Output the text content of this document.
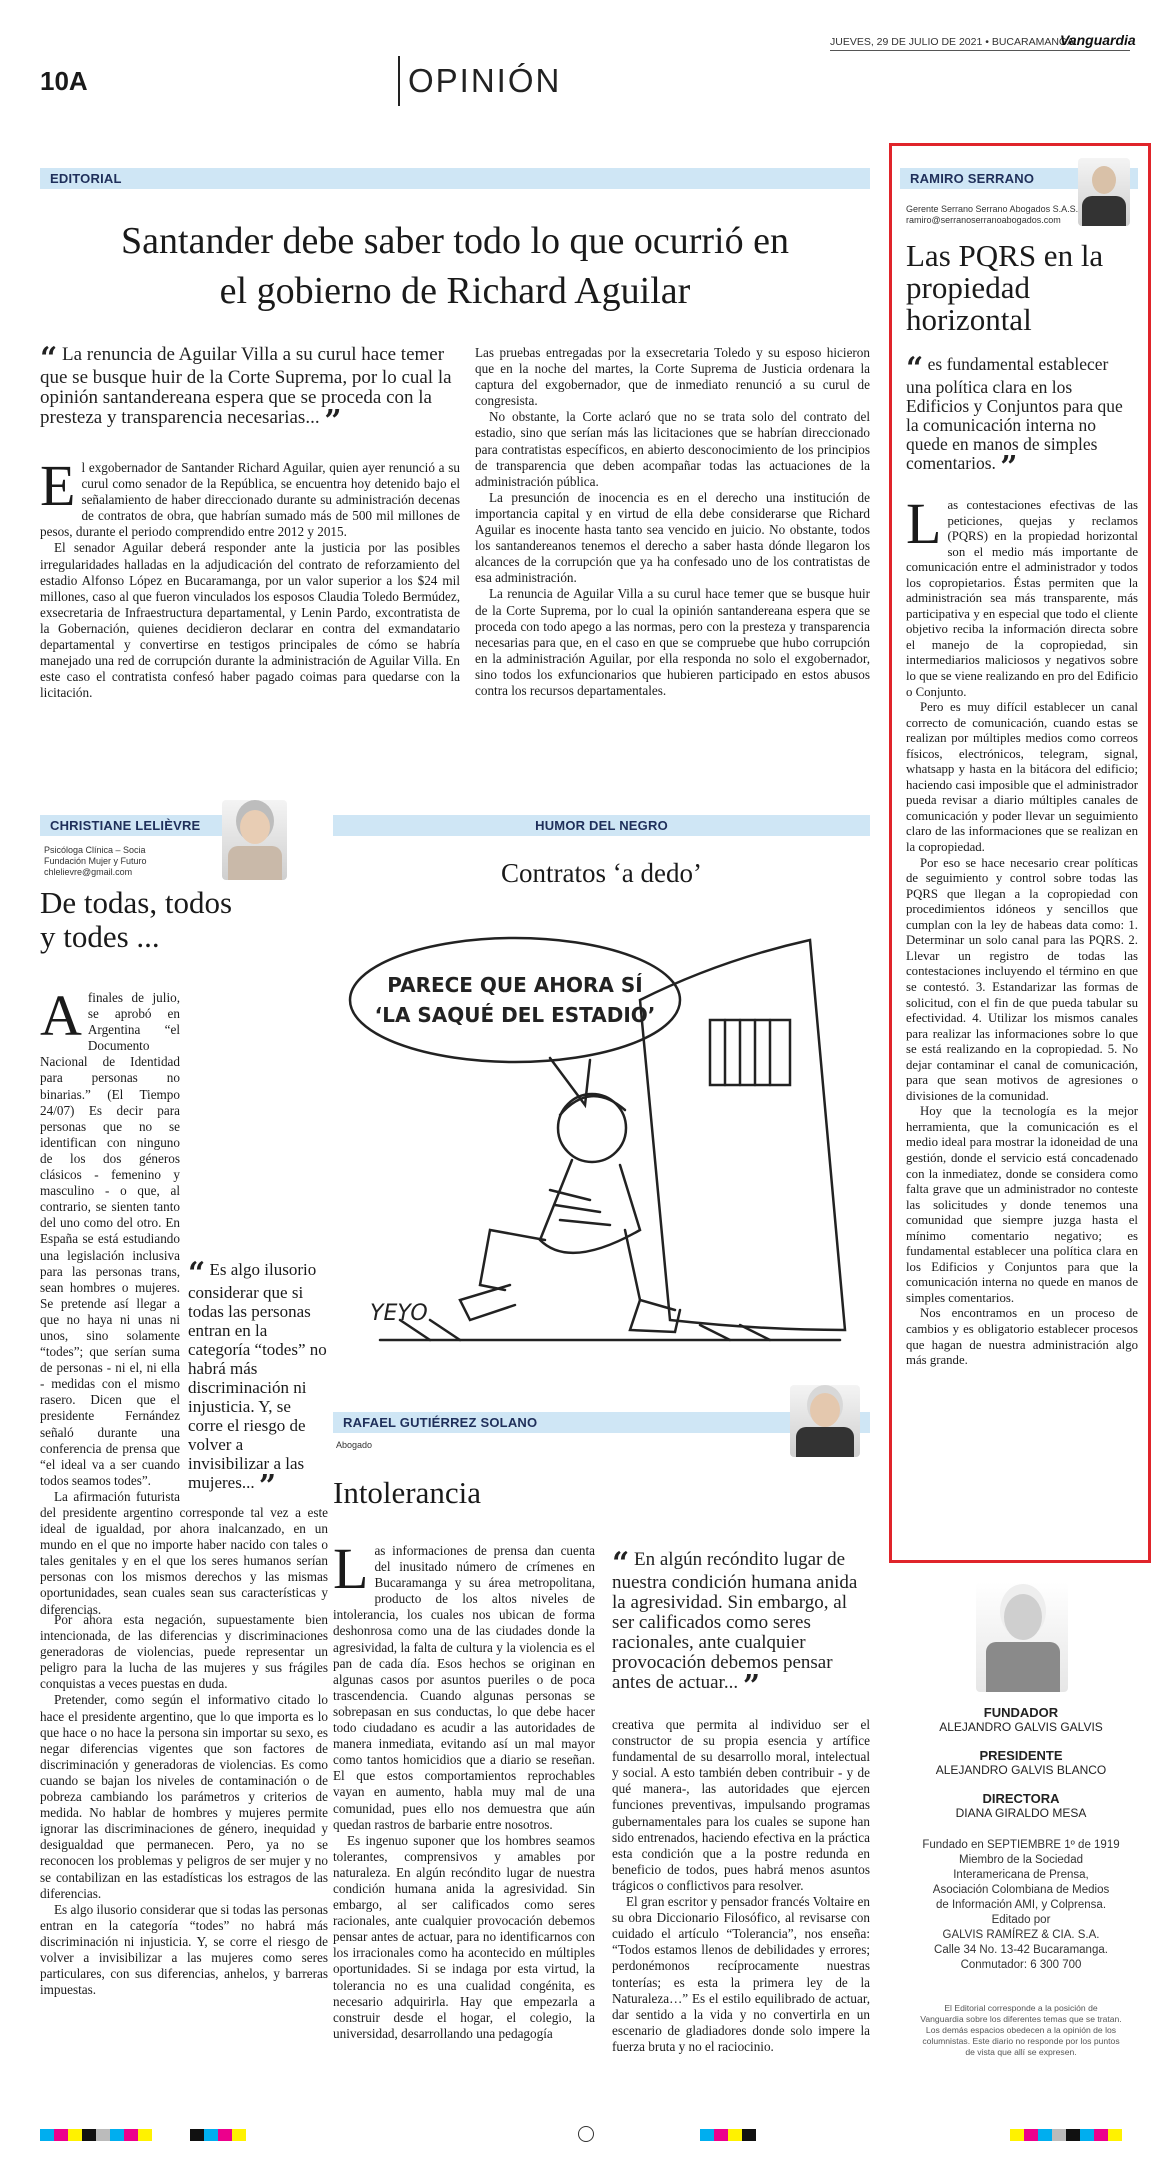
10A	OPINIÓN
JUEVES, 29 DE JULIO DE 2021 • BUCARAMANGA
Vanguardia
EDITORIAL
Santander debe saber todo lo que ocurrió en
el gobierno de Richard Aguilar
“ La renuncia de Aguilar Villa a su curul hace temer que se busque huir de la Corte Suprema, por lo cual la opinión santandereana espera que se proceda con la presteza y transparencia necesarias... ”
E l exgobernador de Santander Richard Aguilar, quien ayer renunció a su curul como senador de la República, se encuentra hoy detenido bajo el señalamiento de haber direccionado durante su administración decenas de contratos de obra, que habrían sumado más de 500 mil millones de pesos, durante el periodo comprendido entre 2012 y 2015.

El senador Aguilar deberá responder ante la justicia por las posibles irregularidades halladas en la adjudicación del contrato de reforzamiento del estadio Alfonso López en Bucaramanga, por un valor superior a los $24 mil millones, caso al que fueron vinculados los esposos Claudia Toledo Bermúdez, exsecretaria de Infraestructura departamental, y Lenin Pardo, excontratista de la Gobernación, quienes decidieron declarar en contra del exmandatario departamental y convertirse en testigos principales de cómo se habría manejado una red de corrupción durante la administración de Aguilar Villa. En este caso el contratista confesó haber pagado coimas para quedarse con la licitación.

Las pruebas entregadas por la exsecretaria Toledo y su esposo hicieron que en la noche del martes, la Corte Suprema de Justicia ordenara la captura del exgobernador, que de inmediato renunció a su curul de congresista.

No obstante, la Corte aclaró que no se trata solo del contrato del estadio, sino que serían más las licitaciones que se habrían direccionado para contratistas específicos, en abierto desconocimiento de los principios de transparencia que deben acompañar todas las actuaciones de la administración pública.

La presunción de inocencia es en el derecho una institución de importancia capital y en virtud de ella debe considerarse que Richard Aguilar es inocente hasta tanto sea vencido en juicio. No obstante, todos los santandereanos tenemos el derecho a saber hasta dónde llegaron los alcances de la corrupción que ya ha confesado uno de los contratistas de esa administración.

La renuncia de Aguilar Villa a su curul hace temer que se busque huir de la Corte Suprema, por lo cual la opinión santandereana espera que se proceda con todo apego a las normas, pero con la presteza y transparencia necesarias para que, en el caso en que se compruebe que hubo corrupción en la administración Aguilar, por ella responda no solo el exgobernador, sino todos los exfuncionarios que hubieren participado en estos abusos contra los recursos departamentales.

RAMIRO SERRANO
Gerente Serrano Serrano Abogados S.A.S.
ramiro@serranoserranoabogados.com
Las PQRS en la propiedad horizontal
“ es fundamental establecer una política clara en los Edificios y Conjuntos para que la comunicación interna no quede en manos de simples comentarios. ”
L as contestaciones efectivas de las peticiones, quejas y reclamos (PQRS) en la propiedad horizontal son el medio más importante de comunicación entre el administrador y todos los copropietarios. Éstas permiten que la administración sea más transparente, más participativa y en especial que todo el cliente objetivo reciba la información directa sobre el manejo de la copropiedad, sin intermediarios maliciosos y negativos sobre lo que se viene realizando en pro del Edificio o Conjunto.

Pero es muy difícil establecer un canal correcto de comunicación, cuando estas se realizan por múltiples medios como correos físicos, electrónicos, telegram, signal, whatsapp y hasta en la bitácora del edificio; haciendo casi imposible que el administrador pueda revisar a diario múltiples canales de comunicación y poder llevar un seguimiento claro de las informaciones que se realizan en la copropiedad.

Por eso se hace necesario crear políticas de seguimiento y control sobre todas las PQRS que llegan a la copropiedad con procedimientos idóneos y sencillos que cumplan con la ley de habeas data como: 1. Determinar un solo canal para las PQRS. 2. Llevar un registro de todas las contestaciones incluyendo el término en que se contestó. 3. Estandarizar las formas de solicitud, con el fin de que pueda tabular su efectividad. 4. Utilizar los mismos canales para realizar las informaciones sobre lo que se está realizando en la copropiedad. 5. No dejar contaminar el canal de comunicación, para que sean motivos de agresiones o divisiones de la comunidad.

Hoy que la tecnología es la mejor herramienta, que la comunicación es el medio ideal para mostrar la idoneidad de una gestión, donde el servicio está concadenado con la inmediatez, donde se considera como falta grave que un administrador no conteste las solicitudes y donde tenemos una comunidad que siempre juzga hasta el mínimo comentario negativo; es fundamental establecer una política clara en los Edificios y Conjuntos para que la comunicación interna no quede en manos de simples comentarios.

Nos encontramos en un proceso de cambios y es obligatorio establecer procesos que hagan de nuestra administración algo más grande.

CHRISTIANE LELIÈVRE
Psicóloga Clínica – Socia
Fundación Mujer y Futuro
chlelievre@gmail.com
De todas, todos
y todes ...
A
“ Es algo ilusorio considerar que si todas las personas entran en la categoría “todes” no habrá más discriminación ni injusticia. Y, se corre el riesgo de volver a invisibilizar a las mujeres... ”

finales de julio, se aprobó en Argentina “el Documento Nacional de Identidad para personas no binarias.” (El Tiempo 24/07) Es decir para personas que no se identifican con ninguno de los dos géneros clásicos - femenino y masculino - o que, al contrario, se sienten tanto del uno como del otro. En España se está estudiando una legislación inclusiva para las personas trans, sean hombres o mujeres. Se pretende así llegar a que no haya ni unas ni unos, sino solamente “todes”; que serían suma de personas - ni el, ni ella - medidas con el mismo rasero. Dicen que el presidente Fernández señaló durante una conferencia de prensa que “el ideal va a ser cuando todos seamos todes”.

La afirmación futurista del presidente argentino corresponde tal vez a este ideal de igualdad, por ahora inalcanzado, en un mundo en el que no importe haber nacido con tales o tales genitales y en el que los seres humanos serían personas con los mismos derechos y las mismas oportunidades, sean cuales sean sus características y diferencias.

Por ahora esta negación, supuestamente bien intencionada, de las diferencias y discriminaciones generadoras de violencias, puede representar un peligro para la lucha de las mujeres y sus frágiles conquistas a veces puestas en duda.

Pretender, como según el informativo citado lo hace el presidente argentino, que lo que importa es lo que hace o no hace la persona sin importar su sexo, es negar diferencias vigentes que son factores de discriminación y generadoras de violencias. Es como cuando se bajan los niveles de contaminación o de pobreza cambiando los parámetros y criterios de medida. No hablar de hombres y mujeres permite ignorar las discriminaciones de género, inequidad y desigualdad que permanecen. Pero, ya no se reconocen los problemas y peligros de ser mujer y no se contabilizan en las estadísticas los estragos de las diferencias.

Es algo ilusorio considerar que si todas las personas entran en la categoría “todes” no habrá más discriminación ni injusticia. Y, se corre el riesgo de volver a invisibilizar a las mujeres como seres particulares, con sus diferencias, anhelos, y barreras impuestas.

HUMOR DEL NEGRO
Contratos ‘a dedo’
PARECE QUE AHORA SÍ
‘LA SAQUÉ DEL ESTADIO’
YEYO
RAFAEL GUTIÉRREZ SOLANO
Abogado
Intolerancia
L as informaciones de prensa dan cuenta del inusitado número de crímenes en Bucaramanga y su área metropolitana, producto de los altos niveles de intolerancia, los cuales nos ubican de forma deshonrosa como una de las ciudades donde la agresividad, la falta de cultura y la violencia es el pan de cada día. Esos hechos se originan en algunas casos por asuntos pueriles o de poca trascendencia. Cuando algunas personas se sobrepasan en sus conductas, lo que debe hacer todo ciudadano es acudir a las autoridades de manera inmediata, evitando así un mal mayor como tantos homicidios que a diario se reseñan. El que estos comportamientos reprochables vayan en aumento, habla muy mal de una comunidad, pues ello nos demuestra que aún quedan rastros de barbarie entre nosotros.

Es ingenuo suponer que los hombres seamos tolerantes, comprensivos y amables por naturaleza. En algún recóndito lugar de nuestra condición humana anida la agresividad. Sin embargo, al ser calificados como seres racionales, ante cualquier provocación debemos pensar antes de actuar, para no identificarnos con los irracionales como ha acontecido en múltiples oportunidades. Si se indaga por esta virtud, la tolerancia no es una cualidad congénita, es necesario adquirirla. Hay que empezarla a construir desde el hogar, el colegio, la universidad, desarrollando una pedagogía

“ En algún recóndito lugar de nuestra condición humana anida la agresividad. Sin embargo, al ser calificados como seres racionales, ante cualquier provocación debemos pensar antes de actuar... ”

creativa que permita al individuo ser el constructor de su propia esencia y artífice fundamental de su desarrollo moral, intelectual y social. A esto también deben contribuir - y de qué manera-, las autoridades que ejercen funciones preventivas, impulsando programas gubernamentales para los cuales se supone han sido entrenados, haciendo efectiva en la práctica esta condición que a la postre redunda en beneficio de todos, pues habrá menos asuntos trágicos o conflictivos para resolver.

El gran escritor y pensador francés Voltaire en su obra Diccionario Filosófico, al revisarse con cuidado el artículo “Tolerancia”, nos enseña: “Todos estamos llenos de debilidades y errores; perdonémonos recíprocamente nuestras tonterías; es esta la primera ley de la Naturaleza…” Es el estilo equilibrado de actuar, dar sentido a la vida y no convertirla en un escenario de gladiadores donde solo impere la fuerza bruta y no el raciocinio.

FUNDADOR
ALEJANDRO GALVIS GALVIS
PRESIDENTE
ALEJANDRO GALVIS BLANCO
DIRECTORA
DIANA GIRALDO MESA
Fundado en SEPTIEMBRE 1º de 1919
Miembro de la Sociedad
Interamericana de Prensa,
Asociación Colombiana de Medios
de Información AMI, y Colprensa.
Editado por
GALVIS RAMÍREZ & CIA. S.A.
Calle 34 No. 13-42 Bucaramanga.
Conmutador: 6 300 700
El Editorial corresponde a la posición de
Vanguardia sobre los diferentes temas que se tratan.
Los demás espacios obedecen a la opinión de los
columnistas. Este diario no responde por los puntos
de vista que allí se expresen.
